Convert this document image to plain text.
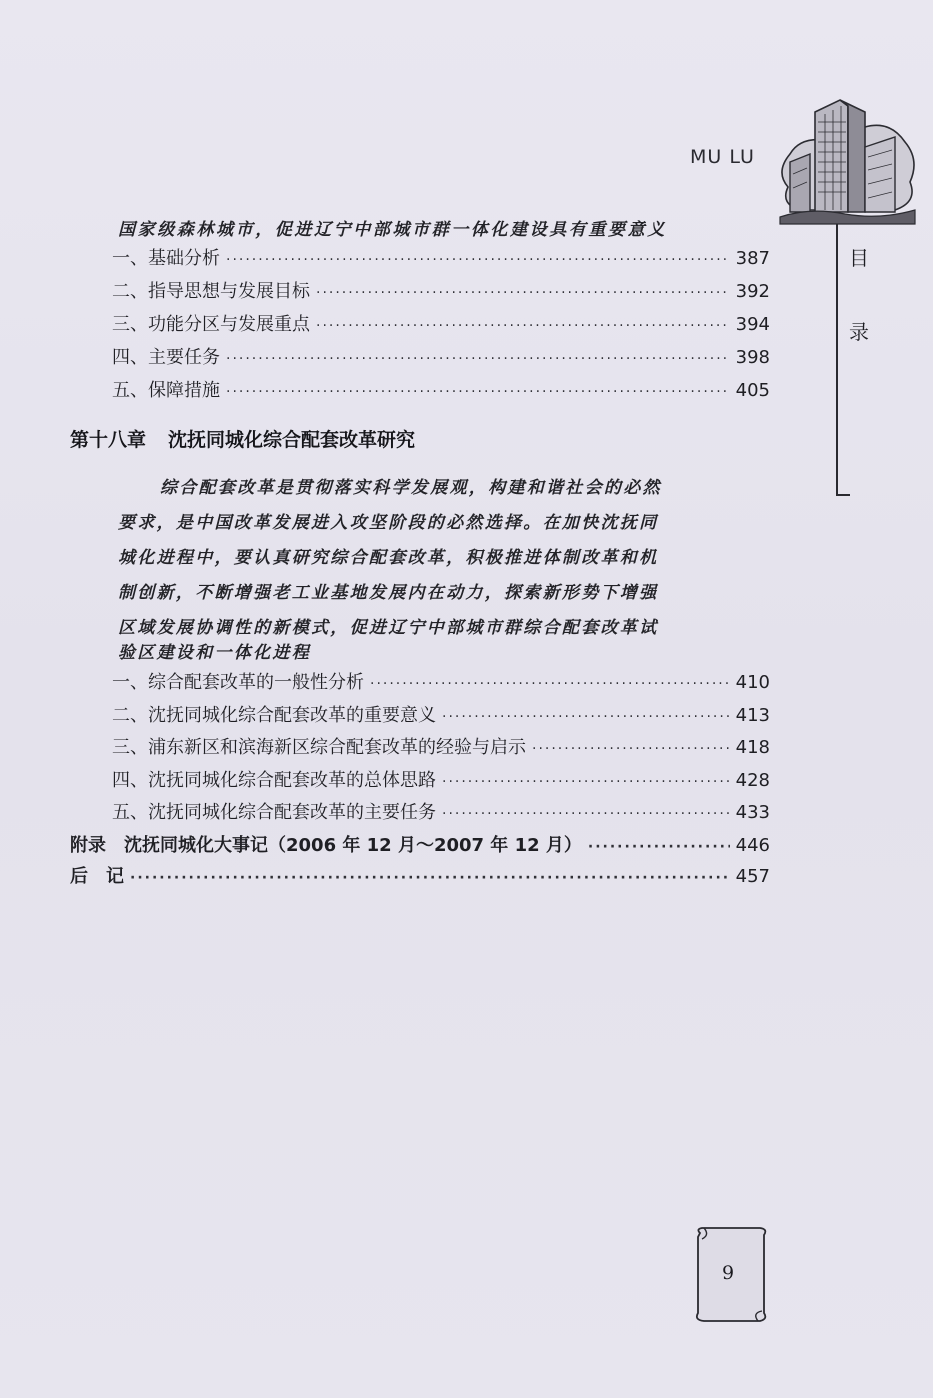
MU LU
目
录
国家级森林城市，促进辽宁中部城市群一体化建设具有重要意义
一、基础分析 ·····	387
二、指导思想与发展目标 ·····	392
三、功能分区与发展重点 ·····	394
四、主要任务 ·····	398
五、保障措施 ·····	405
第十八章 沈抚同城化综合配套改革研究
综合配套改革是贯彻落实科学发展观，构建和谐社会的必然
要求，是中国改革发展进入攻坚阶段的必然选择。在加快沈抚同
城化进程中，要认真研究综合配套改革，积极推进体制改革和机
制创新，不断增强老工业基地发展内在动力，探索新形势下增强
区域发展协调性的新模式，促进辽宁中部城市群综合配套改革试
验区建设和一体化进程
一、综合配套改革的一般性分析 ·····	410
二、沈抚同城化综合配套改革的重要意义 ·····	413
三、浦东新区和滨海新区综合配套改革的经验与启示 ·····	418
四、沈抚同城化综合配套改革的总体思路 ·····	428
五、沈抚同城化综合配套改革的主要任务 ·····	433
附录　沈抚同城化大事记（2006 年 12 月～2007 年 12 月） ·····	446
后　记 ·····	457
9
